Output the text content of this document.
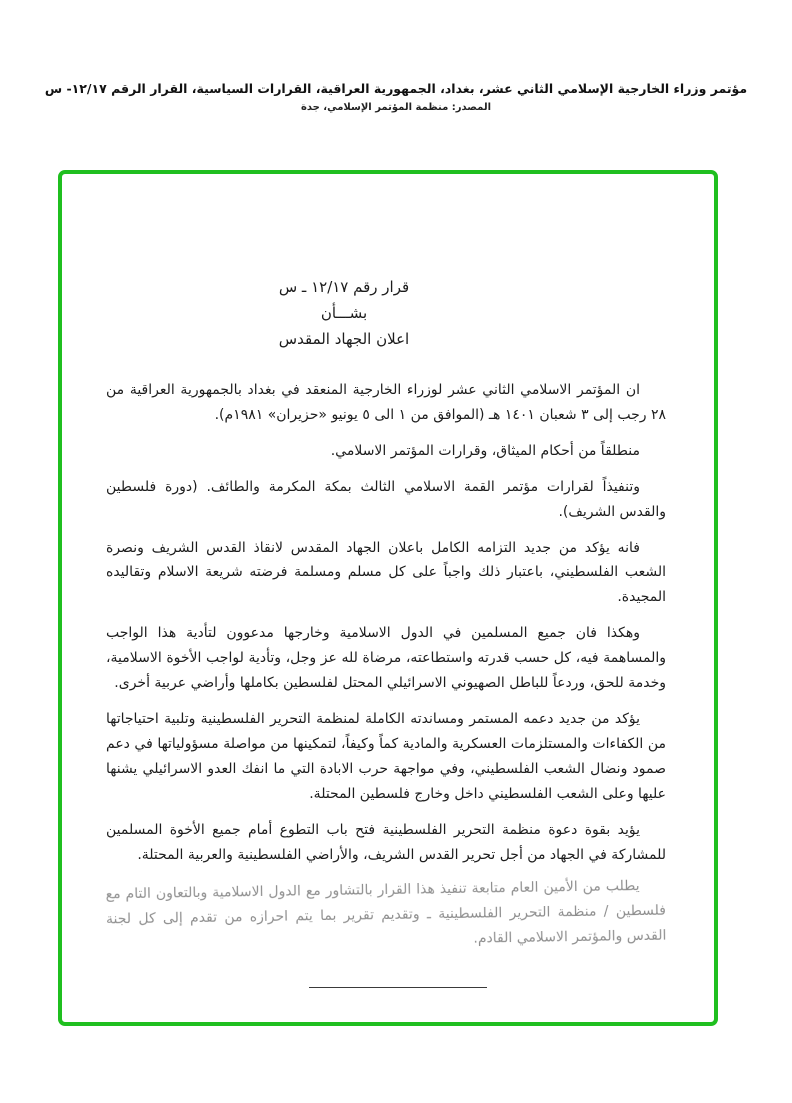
مؤتمر وزراء الخارجية الإسلامي الثاني عشر، بغداد، الجمهورية العراقية، القرارات السياسية، القرار الرقم ١٢/١٧- س
المصدر: منظمة المؤتمر الإسلامي، جدة
قرار رقم ١٢/١٧ ـ س
بشـــأن
اعلان الجهاد المقدس

ان المؤتمر الاسلامي الثاني عشر لوزراء الخارجية المنعقد في بغداد بالجمهورية العراقية من ٢٨ رجب إلى ٣ شعبان ١٤٠١ هـ (الموافق من ١ الى ٥ يونيو «حزيران» ١٩٨١م).

منطلقاً من أحكام الميثاق، وقرارات المؤتمر الاسلامي.

وتنفيذاً لقرارات مؤتمر القمة الاسلامي الثالث بمكة المكرمة والطائف. (دورة فلسطين والقدس الشريف).

فانه يؤكد من جديد التزامه الكامل باعلان الجهاد المقدس لانقاذ القدس الشريف ونصرة الشعب الفلسطيني، باعتبار ذلك واجباً على كل مسلم ومسلمة فرضته شريعة الاسلام وتقاليده المجيدة.

وهكذا فان جميع المسلمين في الدول الاسلامية وخارجها مدعوون لتأدية هذا الواجب والمساهمة فيه، كل حسب قدرته واستطاعته، مرضاة لله عز وجل، وتأدية لواجب الأخوة الاسلامية، وخدمة للحق، وردعاً للباطل الصهيوني الاسرائيلي المحتل لفلسطين بكاملها وأراضي عربية أخرى.

يؤكد من جديد دعمه المستمر ومساندته الكاملة لمنظمة التحرير الفلسطينية وتلبية احتياجاتها من الكفاءات والمستلزمات العسكرية والمادية كماً وكيفاً، لتمكينها من مواصلة مسؤولياتها في دعم صمود ونضال الشعب الفلسطيني، وفي مواجهة حرب الابادة التي ما انفك العدو الاسرائيلي يشنها عليها وعلى الشعب الفلسطيني داخل وخارج فلسطين المحتلة.

يؤيد بقوة دعوة منظمة التحرير الفلسطينية فتح باب التطوع أمام جميع الأخوة المسلمين للمشاركة في الجهاد من أجل تحرير القدس الشريف، والأراضي الفلسطينية والعربية المحتلة.

يطلب من الأمين العام متابعة تنفيذ هذا القرار بالتشاور مع الدول الاسلامية وبالتعاون التام مع فلسطين / منظمة التحرير الفلسطينية ـ وتقديم تقرير بما يتم احرازه من تقدم إلى كل لجنة القدس والمؤتمر الاسلامي القادم.
